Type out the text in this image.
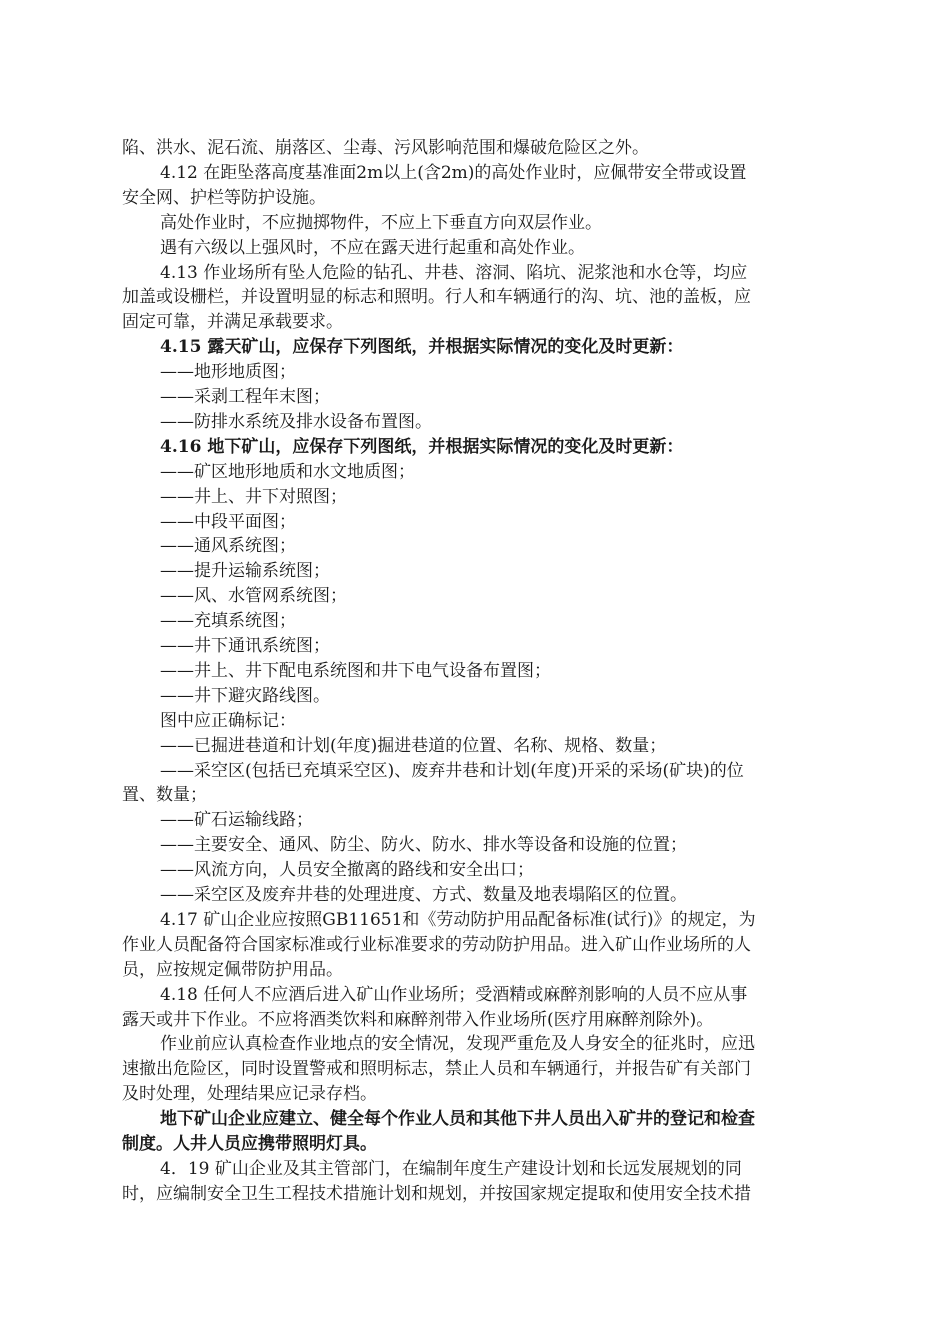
陷、洪水、泥石流、崩落区、尘毒、污风影响范围和爆破危险区之外。
4.12 在距坠落高度基准面2m以上(含2m)的高处作业时，应佩带安全带或设置
安全网、护栏等防护设施。
高处作业时，不应抛掷物件，不应上下垂直方向双层作业。
遇有六级以上强风时，不应在露天进行起重和高处作业。
4.13 作业场所有坠人危险的钻孔、井巷、溶洞、陷坑、泥浆池和水仓等，均应
加盖或设栅栏，并设置明显的标志和照明。行人和车辆通行的沟、坑、池的盖板，应
固定可靠，并满足承载要求。
4.15 露天矿山，应保存下列图纸，并根据实际情况的变化及时更新：
——地形地质图；
——采剥工程年末图；
——防排水系统及排水设备布置图。
4.16 地下矿山，应保存下列图纸，并根据实际情况的变化及时更新：
——矿区地形地质和水文地质图；
——井上、井下对照图；
——中段平面图；
——通风系统图；
——提升运输系统图；
——风、水管网系统图；
——充填系统图；
——井下通讯系统图；
——井上、井下配电系统图和井下电气设备布置图；
——井下避灾路线图。
图中应正确标记：
——已掘进巷道和计划(年度)掘进巷道的位置、名称、规格、数量；
——采空区(包括已充填采空区)、废弃井巷和计划(年度)开采的采场(矿块)的位
置、数量；
——矿石运输线路；
——主要安全、通风、防尘、防火、防水、排水等设备和设施的位置；
——风流方向，人员安全撤离的路线和安全出口；
——采空区及废弃井巷的处理进度、方式、数量及地表塌陷区的位置。
4.17 矿山企业应按照GB11651和《劳动防护用品配备标准(试行)》的规定，为
作业人员配备符合国家标准或行业标准要求的劳动防护用品。进入矿山作业场所的人
员，应按规定佩带防护用品。
4.18 任何人不应酒后进入矿山作业场所；受酒精或麻醉剂影响的人员不应从事
露天或井下作业。不应将酒类饮料和麻醉剂带入作业场所(医疗用麻醉剂除外)。
作业前应认真检查作业地点的安全情况，发现严重危及人身安全的征兆时，应迅
速撤出危险区，同时设置警戒和照明标志，禁止人员和车辆通行，并报告矿有关部门
及时处理，处理结果应记录存档。
地下矿山企业应建立、健全每个作业人员和其他下井人员出入矿井的登记和检查
制度。人井人员应携带照明灯具。
4．19 矿山企业及其主管部门，在编制年度生产建设计划和长远发展规划的同
时，应编制安全卫生工程技术措施计划和规划，并按国家规定提取和使用安全技术措
